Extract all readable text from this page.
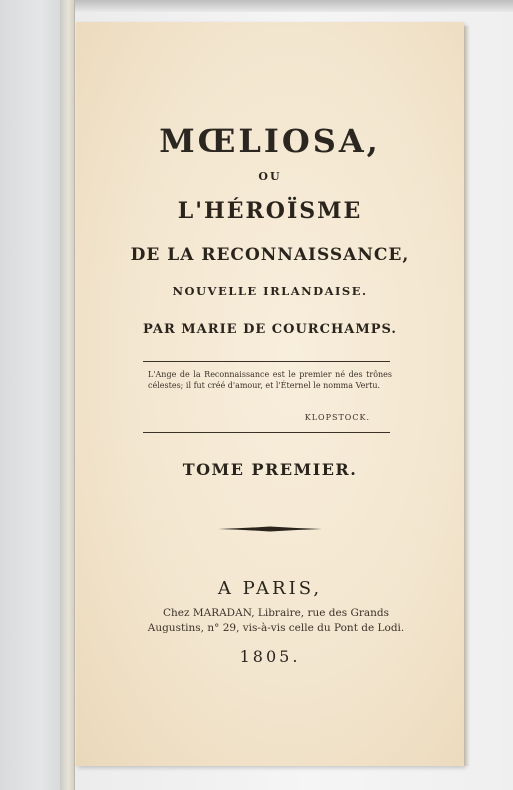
MŒLIOSA,
OU
L'HÉROÏSME
DE LA RECONNAISSANCE,
NOUVELLE IRLANDAISE.
PAR MARIE DE COURCHAMPS.
L'Ange de la Reconnaissance est le premier né des trônes célestes; il fut créé d'amour, et l'Éternel le nomma Vertu.
KLOPSTOCK.
TOME PREMIER.
A PARIS,
Chez MARADAN, Libraire, rue des Grands
Augustins, n° 29, vis-à-vis celle du Pont de Lodi.
1805.
